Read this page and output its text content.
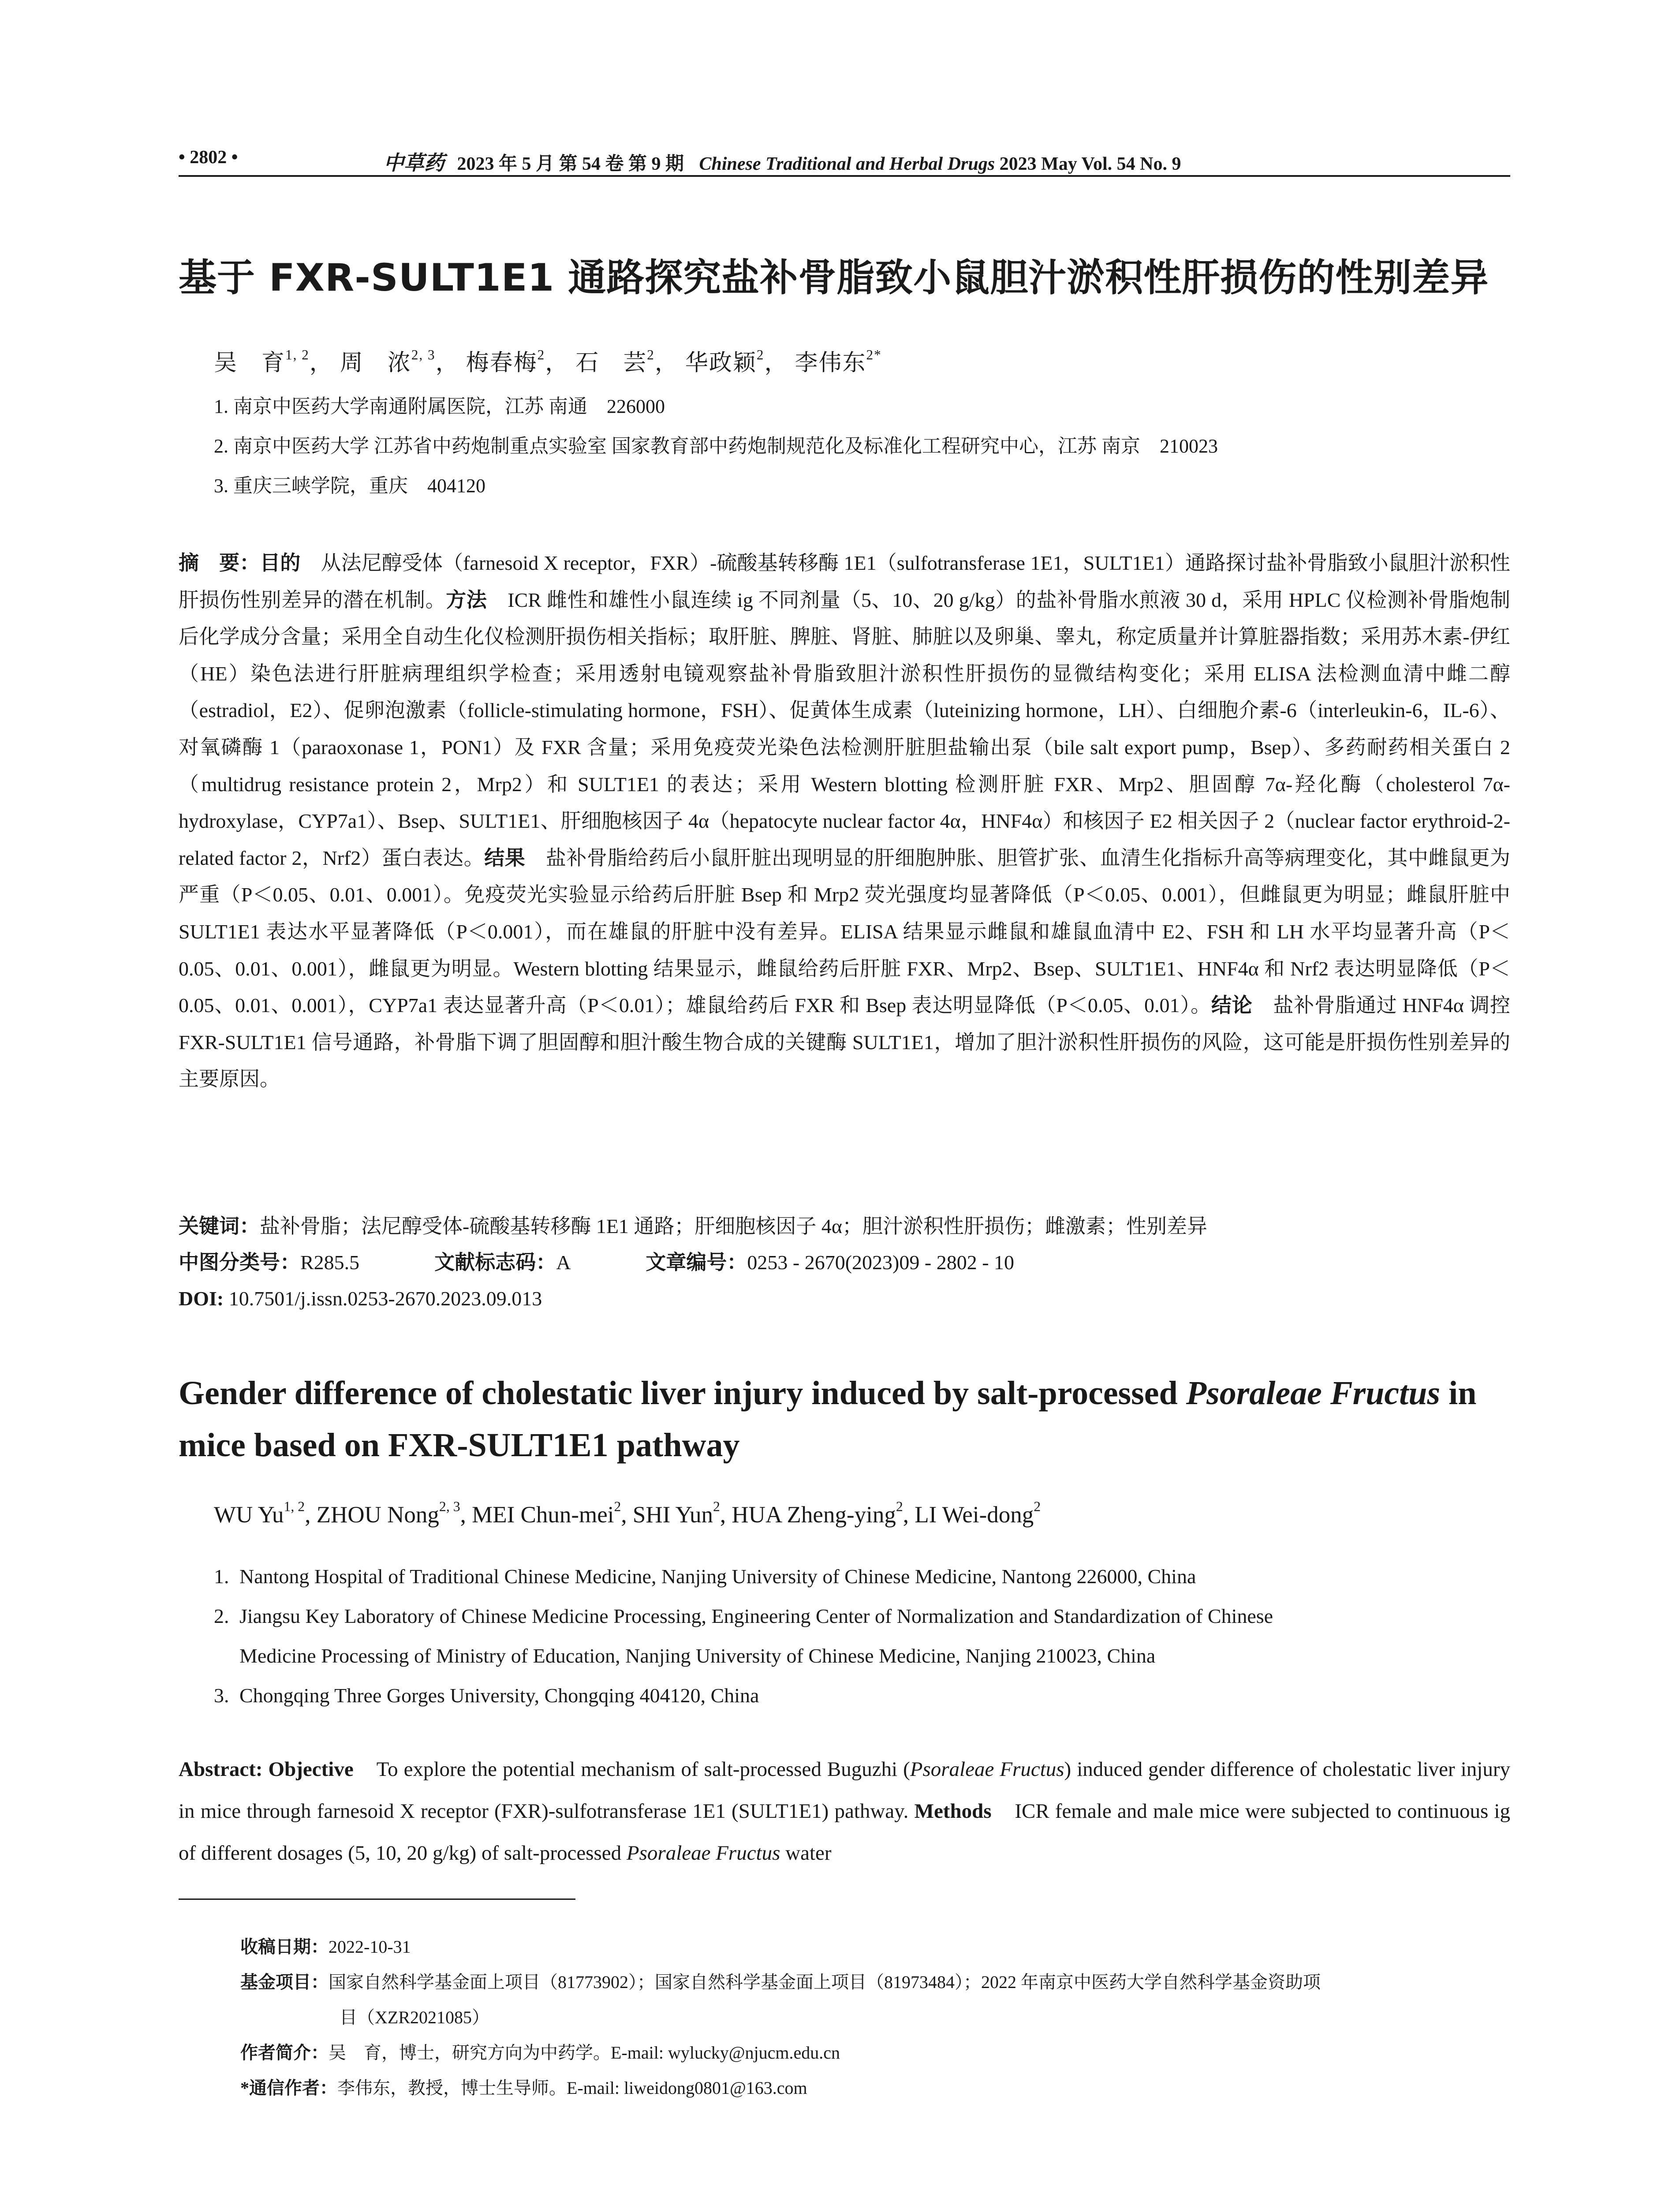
• 2802 •	中草药 2023 年 5 月 第 54 卷 第 9 期 Chinese Traditional and Herbal Drugs 2023 May Vol. 54 No. 9
基于 FXR-SULT1E1 通路探究盐补骨脂致小鼠胆汁淤积性肝损伤的性别差异
吴　育$^{1, 2}$， 周　浓$^{2, 3}$， 梅春梅$^2$， 石　芸$^2$， 华政颖$^2$， 李伟东$^{2*}$
1. 南京中医药大学南通附属医院，江苏 南通　226000
2. 南京中医药大学 江苏省中药炮制重点实验室 国家教育部中药炮制规范化及标准化工程研究中心，江苏 南京　210023
3. 重庆三峡学院，重庆　404120
摘　要：目的　 从法尼醇受体（farnesoid X receptor，FXR）-硫酸基转移酶 1E1（sulfotransferase 1E1，SULT1E1）通路探讨盐补骨脂致小鼠胆汁淤积性肝损伤性别差异的潜在机制。方法　 ICR 雌性和雄性小鼠连续 ig 不同剂量（5、10、20 g/kg）的盐补骨脂水煎液 30 d，采用 HPLC 仪检测补骨脂炮制后化学成分含量；采用全自动生化仪检测肝损伤相关指标；取肝脏、脾脏、肾脏、肺脏以及卵巢、睾丸，称定质量并计算脏器指数；采用苏木素-伊红（HE）染色法进行肝脏病理组织学检查；采用透射电镜观察盐补骨脂致胆汁淤积性肝损伤的显微结构变化；采用 ELISA 法检测血清中雌二醇（estradiol，E2）、促卵泡激素（follicle-stimulating hormone，FSH）、促黄体生成素（luteinizing hormone，LH）、白细胞介素-6（interleukin-6，IL-6）、对氧磷酶 1（paraoxonase 1，PON1）及 FXR 含量；采用免疫荧光染色法检测肝脏胆盐输出泵（bile salt export pump，Bsep）、多药耐药相关蛋白 2（multidrug resistance protein 2，Mrp2）和 SULT1E1 的表达；采用 Western blotting 检测肝脏 FXR、Mrp2、胆固醇 7α-羟化酶（cholesterol 7α-hydroxylase，CYP7a1）、Bsep、SULT1E1、肝细胞核因子 4α（hepatocyte nuclear factor 4α，HNF4α）和核因子 E2 相关因子 2（nuclear factor erythroid-2-related factor 2，Nrf2）蛋白表达。结果　 盐补骨脂给药后小鼠肝脏出现明显的肝细胞肿胀、胆管扩张、血清生化指标升高等病理变化，其中雌鼠更为严重（P＜0.05、0.01、0.001）。免疫荧光实验显示给药后肝脏 Bsep 和 Mrp2 荧光强度均显著降低（P＜0.05、0.001），但雌鼠更为明显；雌鼠肝脏中 SULT1E1 表达水平显著降低（P＜0.001），而在雄鼠的肝脏中没有差异。ELISA 结果显示雌鼠和雄鼠血清中 E2、FSH 和 LH 水平均显著升高（P＜0.05、0.01、0.001），雌鼠更为明显。Western blotting 结果显示，雌鼠给药后肝脏 FXR、Mrp2、Bsep、SULT1E1、HNF4α 和 Nrf2 表达明显降低（P＜0.05、0.01、0.001），CYP7a1 表达显著升高（P＜0.01）；雄鼠给药后 FXR 和 Bsep 表达明显降低（P＜0.05、0.01）。结论　 盐补骨脂通过 HNF4α 调控 FXR-SULT1E1 信号通路，补骨脂下调了胆固醇和胆汁酸生物合成的关键酶 SULT1E1，增加了胆汁淤积性肝损伤的风险，这可能是肝损伤性别差异的主要原因。
关键词：盐补骨脂；法尼醇受体-硫酸基转移酶 1E1 通路；肝细胞核因子 4α；胆汁淤积性肝损伤；雌激素；性别差异
中图分类号：R285.5	文献标志码：A	文章编号：0253 - 2670(2023)09 - 2802 - 10
DOI: 10.7501/j.issn.0253-2670.2023.09.013
Gender difference of cholestatic liver injury induced by salt-processed Psoraleae Fructus in mice based on FXR-SULT1E1 pathway
WU Yu$^{1, 2}$, ZHOU Nong$^{2, 3}$, MEI Chun-mei$^2$, SHI Yun$^2$, HUA Zheng-ying$^2$, LI Wei-dong$^2$
1. Nantong Hospital of Traditional Chinese Medicine, Nanjing University of Chinese Medicine, Nantong 226000, China
2. Jiangsu Key Laboratory of Chinese Medicine Processing, Engineering Center of Normalization and Standardization of Chinese
Medicine Processing of Ministry of Education, Nanjing University of Chinese Medicine, Nanjing 210023, China
3. Chongqing Three Gorges University, Chongqing 404120, China
Abstract: Objective To explore the potential mechanism of salt-processed Buguzhi (Psoraleae Fructus) induced gender difference of cholestatic liver injury in mice through farnesoid X receptor (FXR)-sulfotransferase 1E1 (SULT1E1) pathway. Methods ICR female and male mice were subjected to continuous ig of different dosages (5, 10, 20 g/kg) of salt-processed Psoraleae Fructus water
收稿日期：2022-10-31
基金项目：国家自然科学基金面上项目（81773902）；国家自然科学基金面上项目（81973484）；2022 年南京中医药大学自然科学基金资助项
目（XZR2021085）
作者简介：吴　育，博士，研究方向为中药学。E-mail: wylucky@njucm.edu.cn
*通信作者：李伟东，教授，博士生导师。E-mail: liweidong0801@163.com
